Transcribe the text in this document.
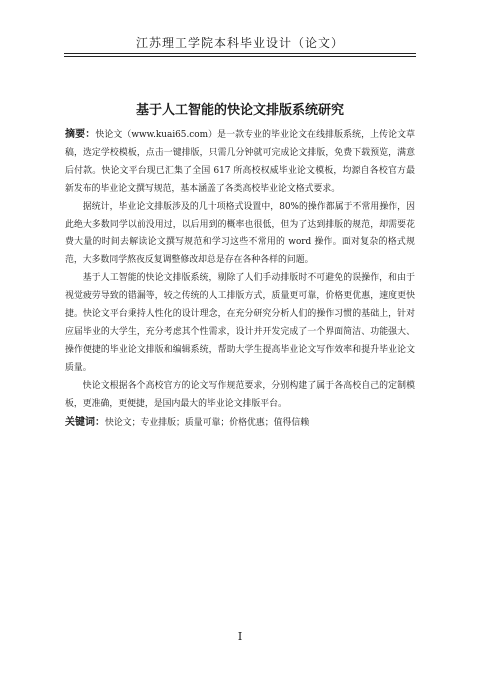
江苏理工学院本科毕业设计（论文）
基于人工智能的快论文排版系统研究

摘要：快论文（www.kuai65.com）是一款专业的毕业论文在线排版系统，上传论文草稿，选定学校模板，点击一键排版，只需几分钟就可完成论文排版，免费下载预览，满意后付款。快论文平台现已汇集了全国 617 所高校权威毕业论文模板，均源自各校官方最新发布的毕业论文撰写规范，基本涵盖了各类高校毕业论文格式要求。

据统计，毕业论文排版涉及的几十项格式设置中，80%的操作都属于不常用操作，因此绝大多数同学以前没用过，以后用到的概率也很低，但为了达到排版的规范，却需要花费大量的时间去解读论文撰写规范和学习这些不常用的 word 操作。面对复杂的格式规范，大多数同学熬夜反复调整修改却总是存在各种各样的问题。

基于人工智能的快论文排版系统，剔除了人们手动排版时不可避免的误操作，和由于视觉疲劳导致的错漏等，较之传统的人工排版方式，质量更可靠，价格更优惠，速度更快捷。快论文平台秉持人性化的设计理念，在充分研究分析人们的操作习惯的基础上，针对应届毕业的大学生，充分考虑其个性需求，设计并开发完成了一个界面简洁、功能强大、操作便捷的毕业论文排版和编辑系统，帮助大学生提高毕业论文写作效率和提升毕业论文质量。

快论文根据各个高校官方的论文写作规范要求，分别构建了属于各高校自己的定制模板，更准确，更便捷，是国内最大的毕业论文排版平台。

关键词：快论文；专业排版；质量可靠；价格优惠；值得信赖

I
